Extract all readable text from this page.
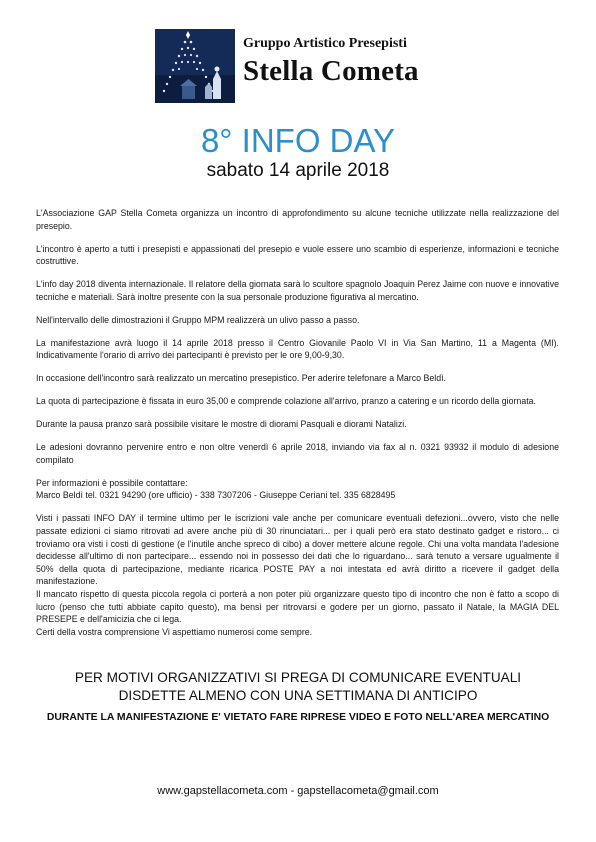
Gruppo Artistico Presepisti
Stella Cometa
8° INFO DAY
sabato 14 aprile 2018

L'Associazione GAP Stella Cometa organizza un incontro di approfondimento su alcune tecniche utilizzate nella realizzazione del presepio.

L'incontro è aperto a tutti i presepisti e appassionati del presepio e vuole essere uno scambio di esperienze, informazioni e tecniche costruttive.

L'info day 2018 diventa internazionale. Il relatore della giornata sarà lo scultore spagnolo Joaquin Perez Jaime con nuove e innovative tecniche e materiali. Sarà inoltre presente con la sua personale produzione figurativa al mercatino.

Nell'intervallo delle dimostrazioni il Gruppo MPM realizzerà un ulivo passo a passo.

La manifestazione avrà luogo il 14 aprile 2018 presso il Centro Giovanile Paolo VI in Via San Martino, 11 a Magenta (MI). Indicativamente l'orario di arrivo dei partecipanti è previsto per le ore 9,00-9,30.

In occasione dell'incontro sarà realizzato un mercatino presepistico. Per aderire telefonare a Marco Beldì.

La quota di partecipazione è fissata in euro 35,00 e comprende colazione all'arrivo, pranzo a catering e un ricordo della giornata.

Durante la pausa pranzo sarà possibile visitare le mostre di diorami Pasquali e diorami Natalizi.

Le adesioni dovranno pervenire entro e non oltre venerdì 6 aprile 2018, inviando via fax al n. 0321 93932 il modulo di adesione compilato

Per informazioni è possibile contattare:

Marco Beldì tel. 0321 94290 (ore ufficio) - 338 7307206 - Giuseppe Ceriani tel. 335 6828495

Visti i passati INFO DAY il termine ultimo per le iscrizioni vale anche per comunicare eventuali defezioni...ovvero, visto che nelle passate edizioni ci siamo ritrovati ad avere anche più di 30 rinunciatari... per i quali però era stato destinato gadget e ristoro... ci troviamo ora visti i costi di gestione (e l'inutile anche spreco di cibo) a dover mettere alcune regole. Chi una volta mandata l'adesione decidesse all'ultimo di non partecipare... essendo noi in possesso dei dati che lo riguardano... sarà tenuto a versare ugualmente il 50% della quota di partecipazione, mediante ricarica POSTE PAY a noi intestata ed avrà diritto a ricevere il gadget della manifestazione.

Il mancato rispetto di questa piccola regola ci porterà a non poter più organizzare questo tipo di incontro che non è fatto a scopo di lucro (penso che tutti abbiate capito questo), ma bensì per ritrovarsi e godere per un giorno, passato il Natale, la MAGIA DEL PRESEPE e dell'amicizia che ci lega.

Certi della vostra comprensione Vi aspettiamo numerosi come sempre.

PER MOTIVI ORGANIZZATIVI SI PREGA DI COMUNICARE EVENTUALI
DISDETTE ALMENO CON UNA SETTIMANA DI ANTICIPO
DURANTE LA MANIFESTAZIONE E' VIETATO FARE RIPRESE VIDEO E FOTO NELL'AREA MERCATINO
www.gapstellacometa.com - gapstellacometa@gmail.com
